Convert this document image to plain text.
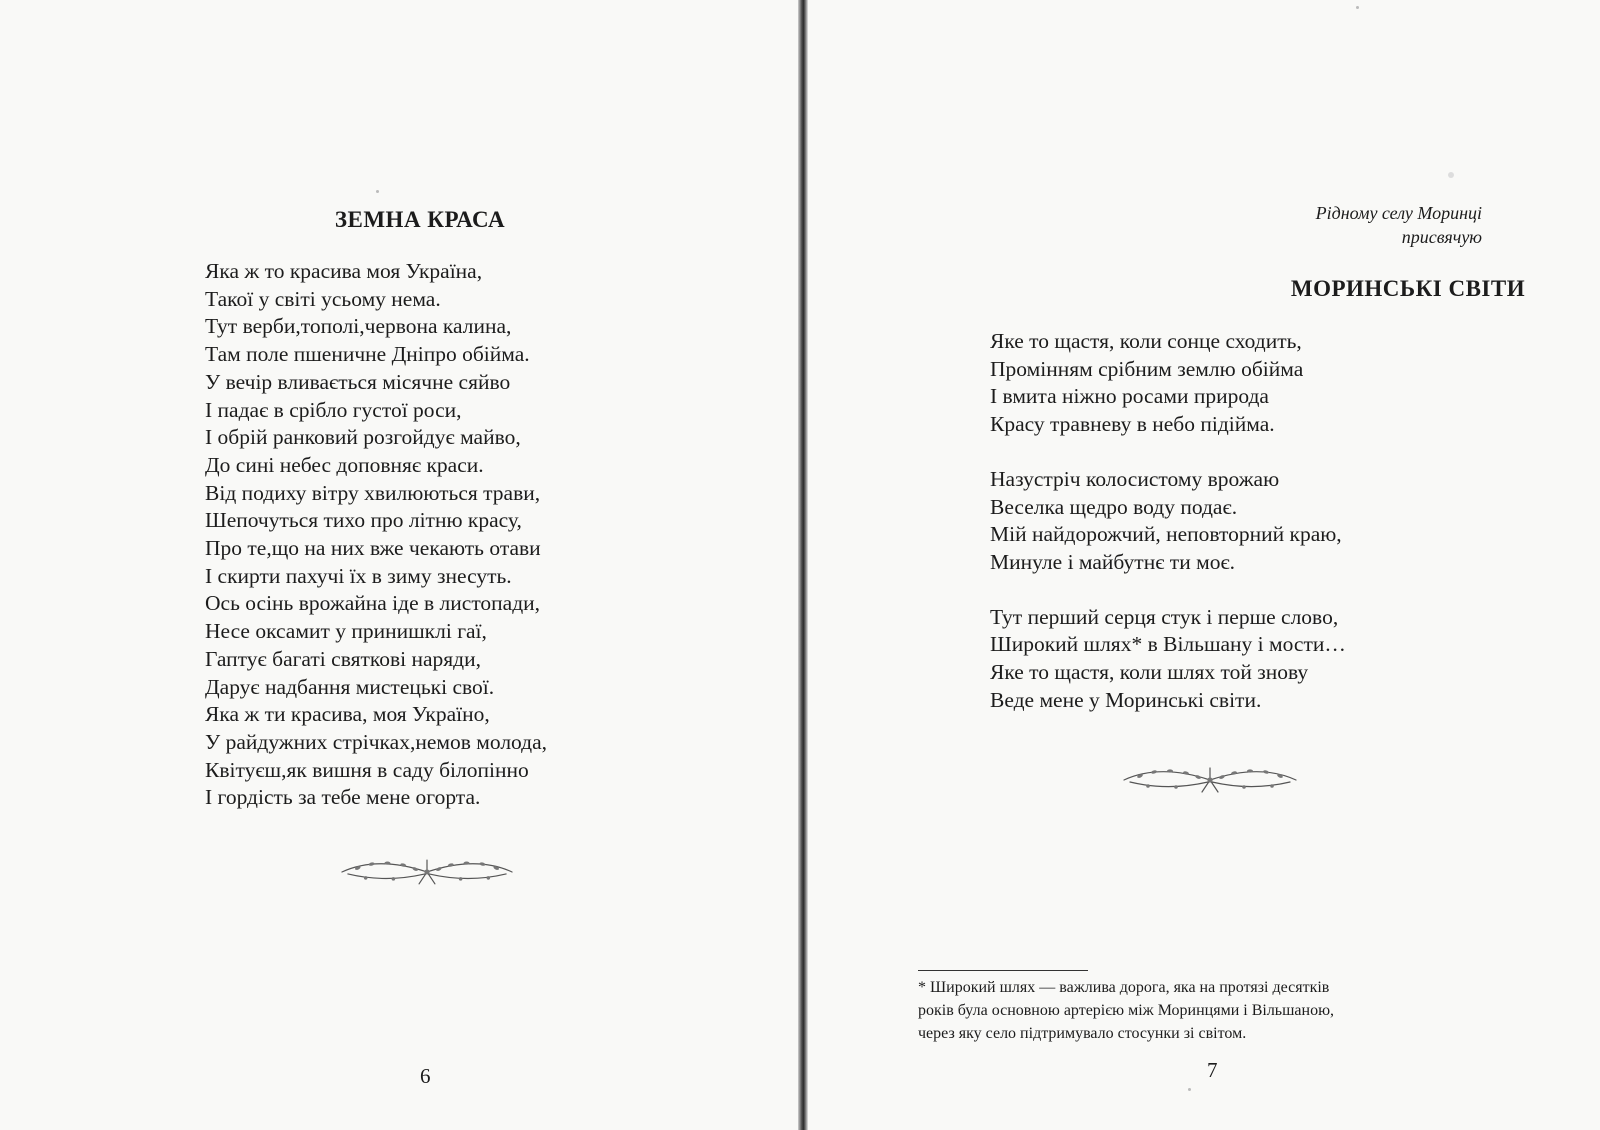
ЗЕМНА КРАСА
Яка ж то красива моя Україна,
Такої у світі усьому нема.
Тут верби,тополі,червона калина,
Там поле пшеничне Дніпро обійма.
У вечір вливається місячне сяйво
І падає в срібло густої роси,
І обрій ранковий розгойдує майво,
До сині небес доповняє краси.
Від подиху вітру хвилюються трави,
Шепочуться тихо про літню красу,
Про те,що на них вже чекають отави
І скирти пахучі їх в зиму знесуть.
Ось осінь врожайна іде в листопади,
Несе оксамит у принишклі гаї,
Гаптує багаті святкові наряди,
Дарує надбання мистецькі свої.
Яка ж ти красива, моя Україно,
У райдужних стрічках,немов молода,
Квітуєш,як вишня в саду білопінно
І гордість за тебе мене огорта.
6
Рідному селу Моринці
присвячую
МОРИНСЬКІ СВІТИ
Яке то щастя, коли сонце сходить,
Промінням срібним землю обійма
І вмита ніжно росами природа
Красу травневу в небо підійма.
Назустріч колосистому врожаю
Веселка щедро воду подає.
Мій найдорожчий, неповторний краю,
Минуле і майбутнє ти моє.
Тут перший серця стук і перше слово,
Широкий шлях* в Вільшану і мости…
Яке то щастя, коли шлях той знову
Веде мене у Моринські світи.
* Широкий шлях — важлива дорога, яка на протязі десятків
років була основною артерією між Моринцями і Вільшаною,
через яку село підтримувало стосунки зі світом.
7
